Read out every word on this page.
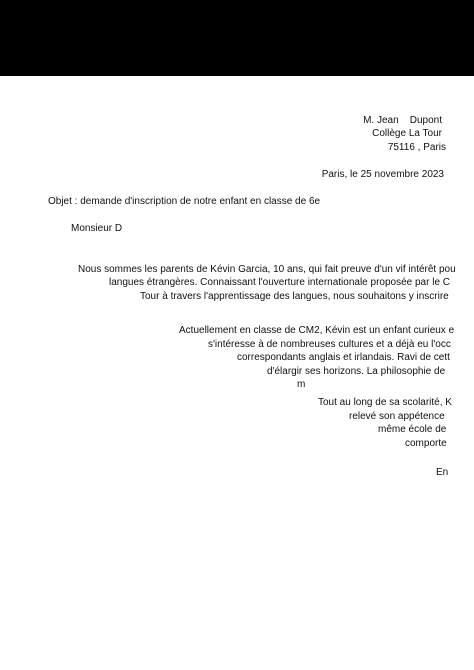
M. Jean    Dupont
Collège La Tour
75116 , Paris
Paris, le 25 novembre 2023
Objet : demande d'inscription de notre enfant en classe de 6e
Monsieur D
Nous sommes les parents de Kévin Garcia, 10 ans, qui fait preuve d'un vif intérêt pou
langues étrangères. Connaissant l'ouverture internationale proposée par le C
Tour à travers l'apprentissage des langues, nous souhaitons y inscrire
Actuellement en classe de CM2, Kévin est un enfant curieux e
s'intéresse à de nombreuses cultures et a déjà eu l'occ
correspondants anglais et irlandais. Ravi de cett
d'élargir ses horizons. La philosophie de
m
Tout au long de sa scolarité, K
relevé son appétence
même école de
comporte
En
